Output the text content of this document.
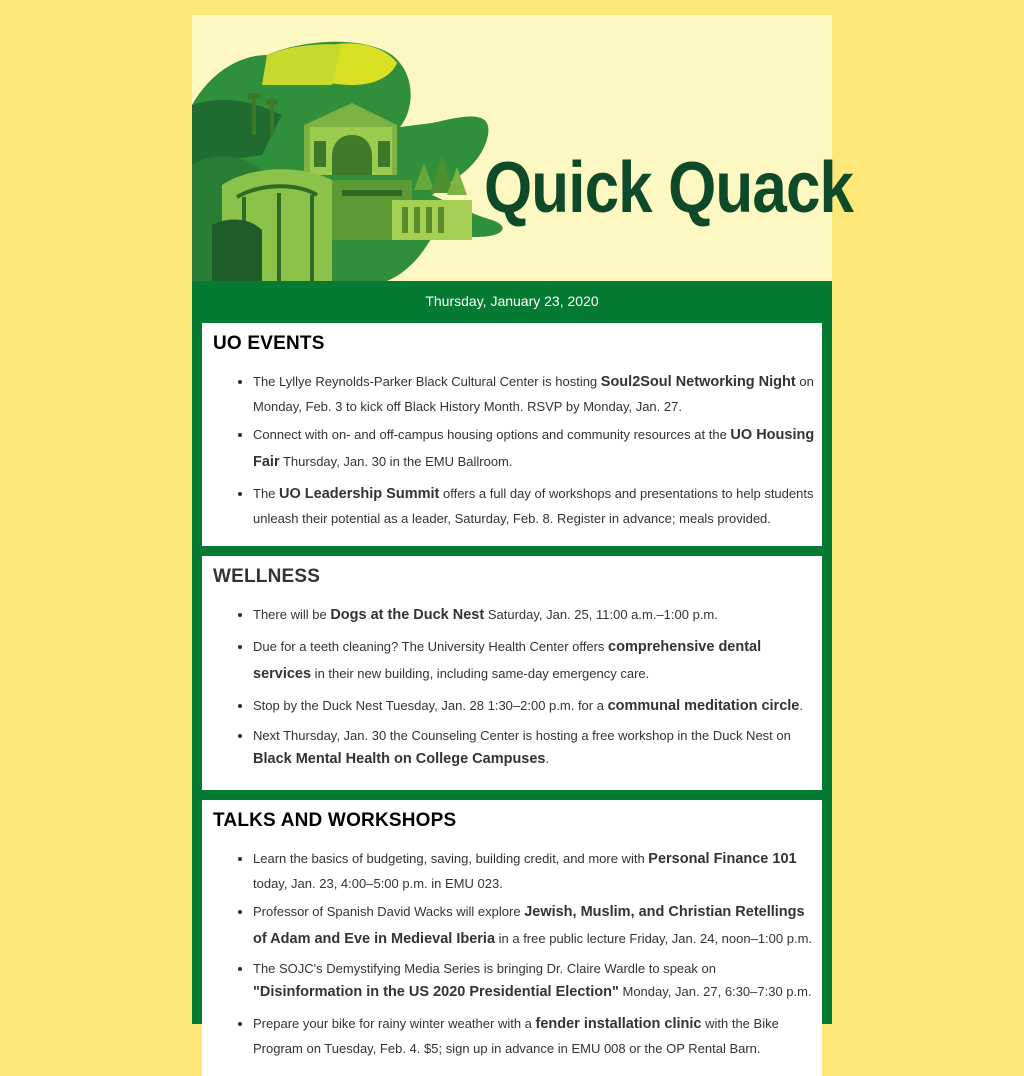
Quick Quack
Thursday, January 23, 2020
UO EVENTS
• The Lyllye Reynolds-Parker Black Cultural Center is hosting Soul2Soul Networking Night on Monday, Feb. 3 to kick off Black History Month. RSVP by Monday, Jan. 27.
• Connect with on- and off-campus housing options and community resources at the UO Housing Fair Thursday, Jan. 30 in the EMU Ballroom.
• The UO Leadership Summit offers a full day of workshops and presentations to help students unleash their potential as a leader, Saturday, Feb. 8. Register in advance; meals provided.
WELLNESS
• There will be Dogs at the Duck Nest Saturday, Jan. 25, 11:00 a.m.–1:00 p.m.
• Due for a teeth cleaning? The University Health Center offers comprehensive dental services in their new building, including same-day emergency care.
• Stop by the Duck Nest Tuesday, Jan. 28 1:30–2:00 p.m. for a communal meditation circle.
• Next Thursday, Jan. 30 the Counseling Center is hosting a free workshop in the Duck Nest on Black Mental Health on College Campuses.
TALKS AND WORKSHOPS
• Learn the basics of budgeting, saving, building credit, and more with Personal Finance 101 today, Jan. 23, 4:00–5:00 p.m. in EMU 023.
• Professor of Spanish David Wacks will explore Jewish, Muslim, and Christian Retellings of Adam and Eve in Medieval Iberia in a free public lecture Friday, Jan. 24, noon–1:00 p.m.
• The SOJC's Demystifying Media Series is bringing Dr. Claire Wardle to speak on "Disinformation in the US 2020 Presidential Election" Monday, Jan. 27, 6:30–7:30 p.m.
• Prepare your bike for rainy winter weather with a fender installation clinic with the Bike Program on Tuesday, Feb. 4. $5; sign up in advance in EMU 008 or the OP Rental Barn.
